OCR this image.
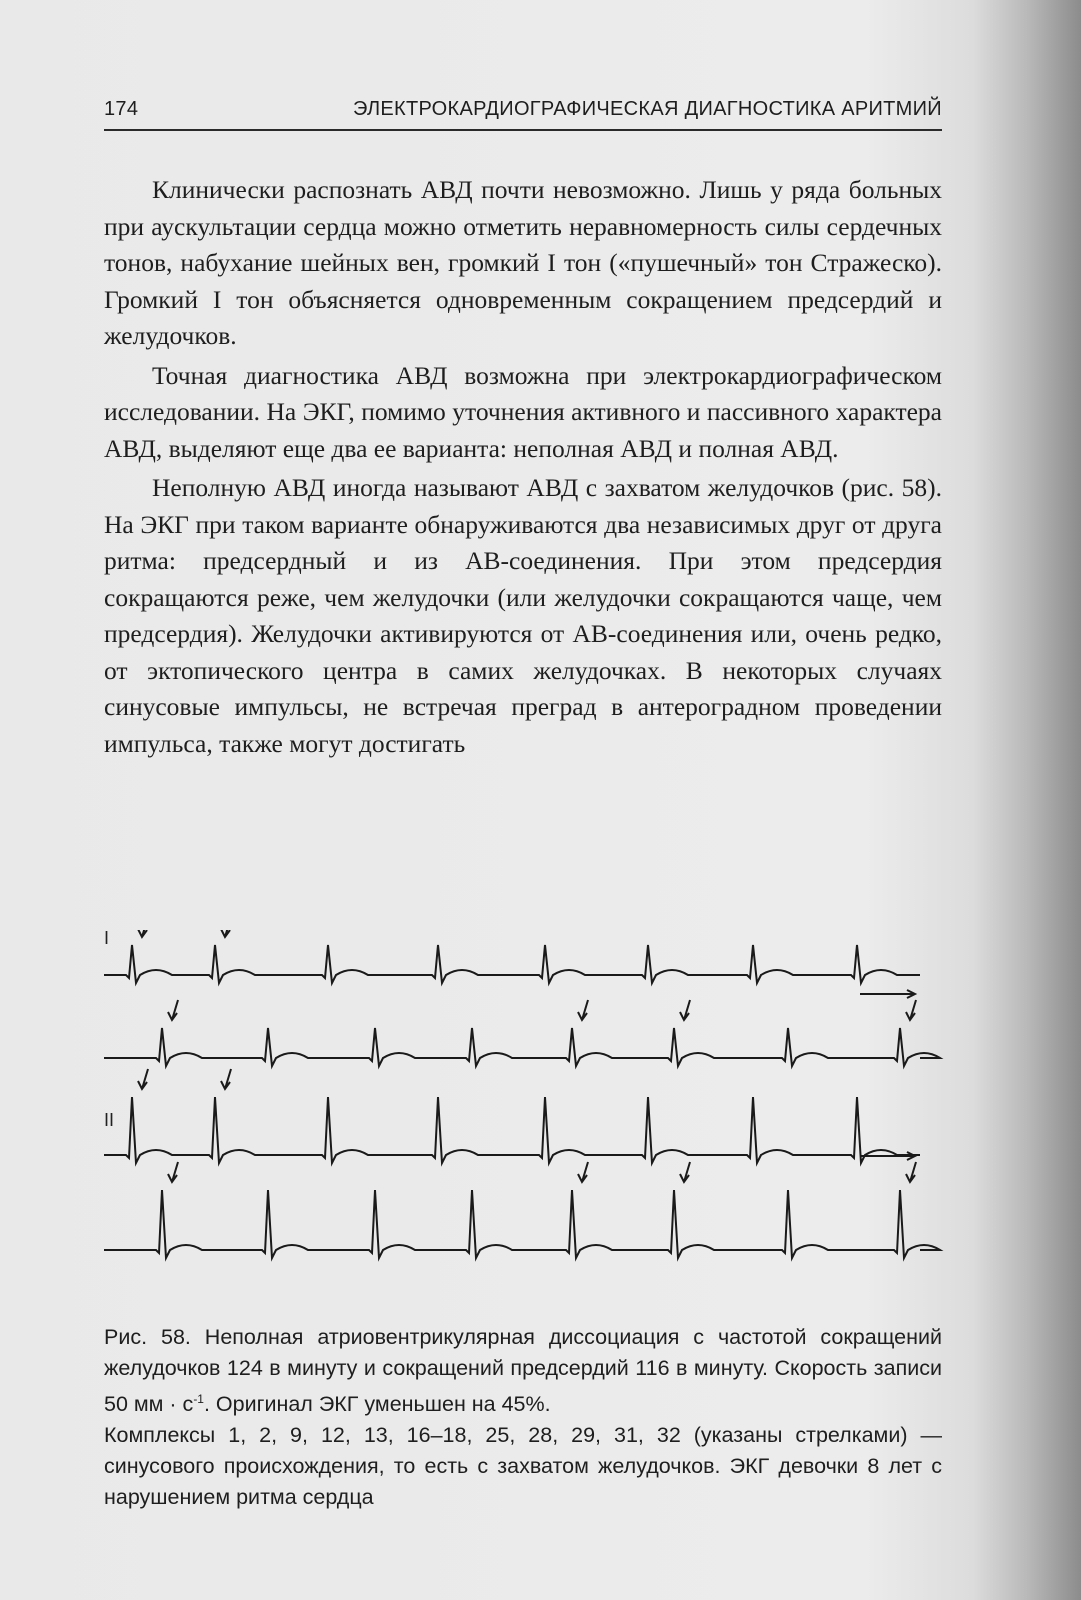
174	ЭЛЕКТРОКАРДИОГРАФИЧЕСКАЯ ДИАГНОСТИКА АРИТМИЙ

Клинически распознать АВД почти невозможно. Лишь у ряда больных при аускультации сердца можно отметить неравномерность силы сердечных тонов, набухание шейных вен, громкий I тон («пушечный» тон Стражеско). Громкий I тон объясняется одновременным сокращением предсердий и желудочков.

Точная диагностика АВД возможна при электрокардиографическом исследовании. На ЭКГ, помимо уточнения активного и пассивного характера АВД, выделяют еще два ее варианта: неполная АВД и полная АВД.

Неполную АВД иногда называют АВД с захватом желудочков (рис. 58). На ЭКГ при таком варианте обнаруживаются два независимых друг от друга ритма: предсердный и из АВ-соединения. При этом предсердия сокращаются реже, чем желудочки (или желудочки сокращаются чаще, чем предсердия). Желудочки активируются от АВ-соединения или, очень редко, от эктопического центра в самих желудочках. В некоторых случаях синусовые импульсы, не встречая преград в антероградном проведении импульса, также могут достигать

I
II

Рис. 58. Неполная атриовентрикулярная диссоциация с частотой сокращений желудочков 124 в минуту и сокращений предсердий 116 в минуту. Скорость записи 50 мм · $с^{-1}$. Оригинал ЭКГ уменьшен на 45%.

Комплексы 1, 2, 9, 12, 13, 16–18, 25, 28, 29, 31, 32 (указаны стрелками) — синусового происхождения, то есть с захватом желудочков. ЭКГ девочки 8 лет с нарушением ритма сердца
